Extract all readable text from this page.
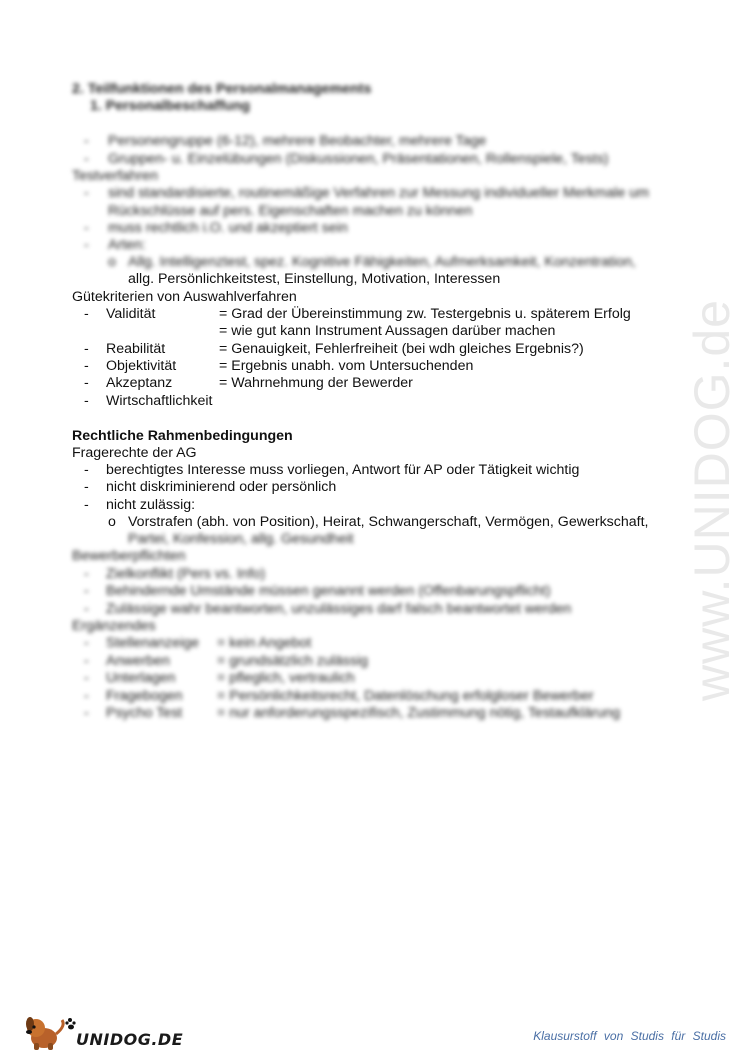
www.UNIDOG.de
2. Teilfunktionen des Personalmanagements
1. Personalbeschaffung
- Personengruppe (6-12), mehrere Beobachter, mehrere Tage
- Gruppen- u. Einzelübungen (Diskussionen, Präsentationen, Rollenspiele, Tests)
Testverfahren
- sind standardisierte, routinemäßige Verfahren zur Messung individueller Merkmale um
Rückschlüsse auf pers. Eigenschaften machen zu können
- muss rechtlich i.O. und akzeptiert sein
- Arten:
o Allg. Intelligenztest, spez. Kognitive Fähigkeiten, Aufmerksamkeit, Konzentration,
allg. Persönlichkeitstest, Einstellung, Motivation, Interessen
Gütekriterien von Auswahlverfahren
- Validität	= Grad der Übereinstimmung zw. Testergebnis u. späterem Erfolg
= wie gut kann Instrument Aussagen darüber machen
- Reabilität	= Genauigkeit, Fehlerfreiheit (bei wdh gleiches Ergebnis?)
- Objektivität	= Ergebnis unabh. vom Untersuchenden
- Akzeptanz	= Wahrnehmung der Bewerder
- Wirtschaftlichkeit
Rechtliche Rahmenbedingungen
Fragerechte der AG
- berechtigtes Interesse muss vorliegen, Antwort für AP oder Tätigkeit wichtig
- nicht diskriminierend oder persönlich
- nicht zulässig:
o Vorstrafen (abh. von Position), Heirat, Schwangerschaft, Vermögen, Gewerkschaft,
Partei, Konfession, allg. Gesundheit
Bewerberpflichten
- Zielkonflikt (Pers vs. Info)
- Behindernde Umstände müssen genannt werden (Offenbarungspflicht)
- Zulässige wahr beantworten, unzulässiges darf falsch beantwortet werden
Ergänzendes
- Stellenanzeige = kein Angebot
- Anwerben	= grundsätzlich zulässig
- Unterlagen	= pfleglich, vertraulich
- Fragebogen = Persönlichkeitsrecht, Datenlöschung erfolgloser Bewerber
- Psycho Test = nur anforderungsspezifisch, Zustimmung nötig, Testaufklärung
UNIDOG.DE	Klausurstoff von Studis für Studis
